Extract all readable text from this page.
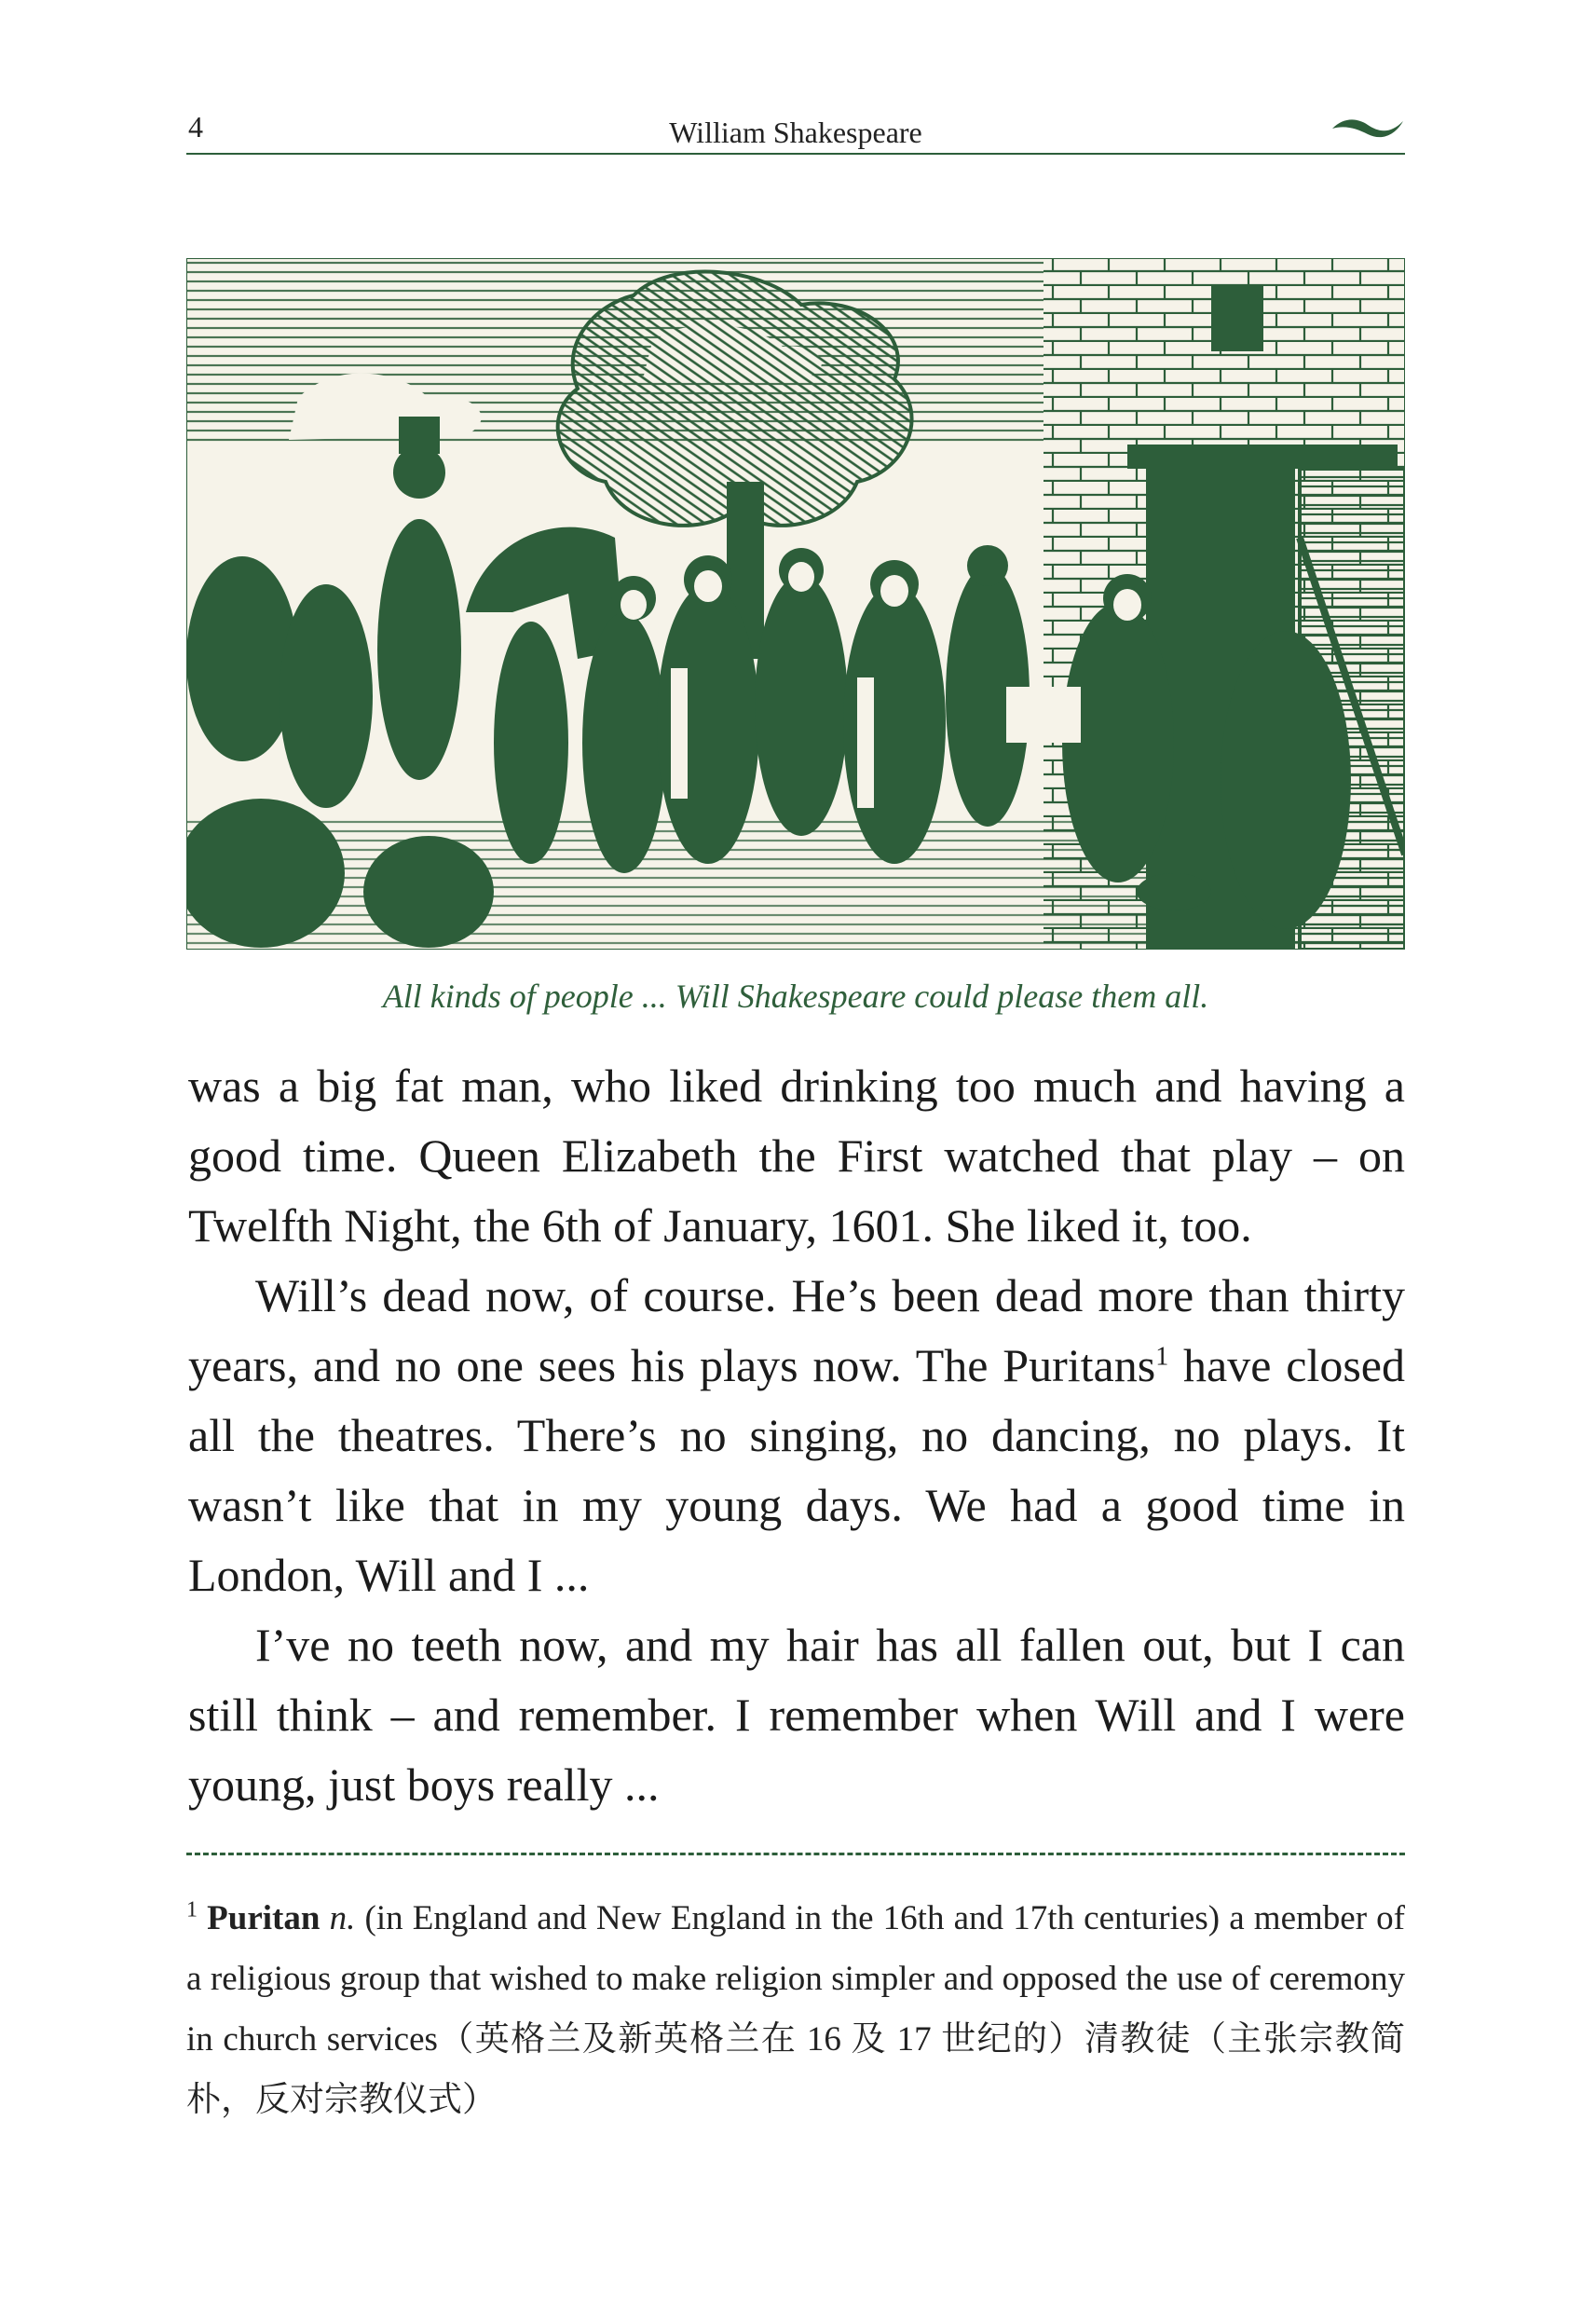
4	William Shakespeare
All kinds of people ... Will Shakespeare could please them all.

was a big fat man, who liked drinking too much and having a good time. Queen Elizabeth the First watched that play – on Twelfth Night, the 6th of January, 1601. She liked it, too.

Will’s dead now, of course. He’s been dead more than thirty years, and no one sees his plays now. The Puritans$^1$ have closed all the theatres. There’s no singing, no dancing, no plays. It wasn’t like that in my young days. We had a good time in London, Will and I ...

I’ve no teeth now, and my hair has all fallen out, but I can still think – and remember. I remember when Will and I were young, just boys really ...

$^1$ Puritan n. (in England and New England in the 16th and 17th centuries) a member of a religious group that wished to make religion simpler and opposed the use of ceremony in church services（英格兰及新英格兰在 16 及 17 世纪的）清教徒（主张宗教简朴，反对宗教仪式）
